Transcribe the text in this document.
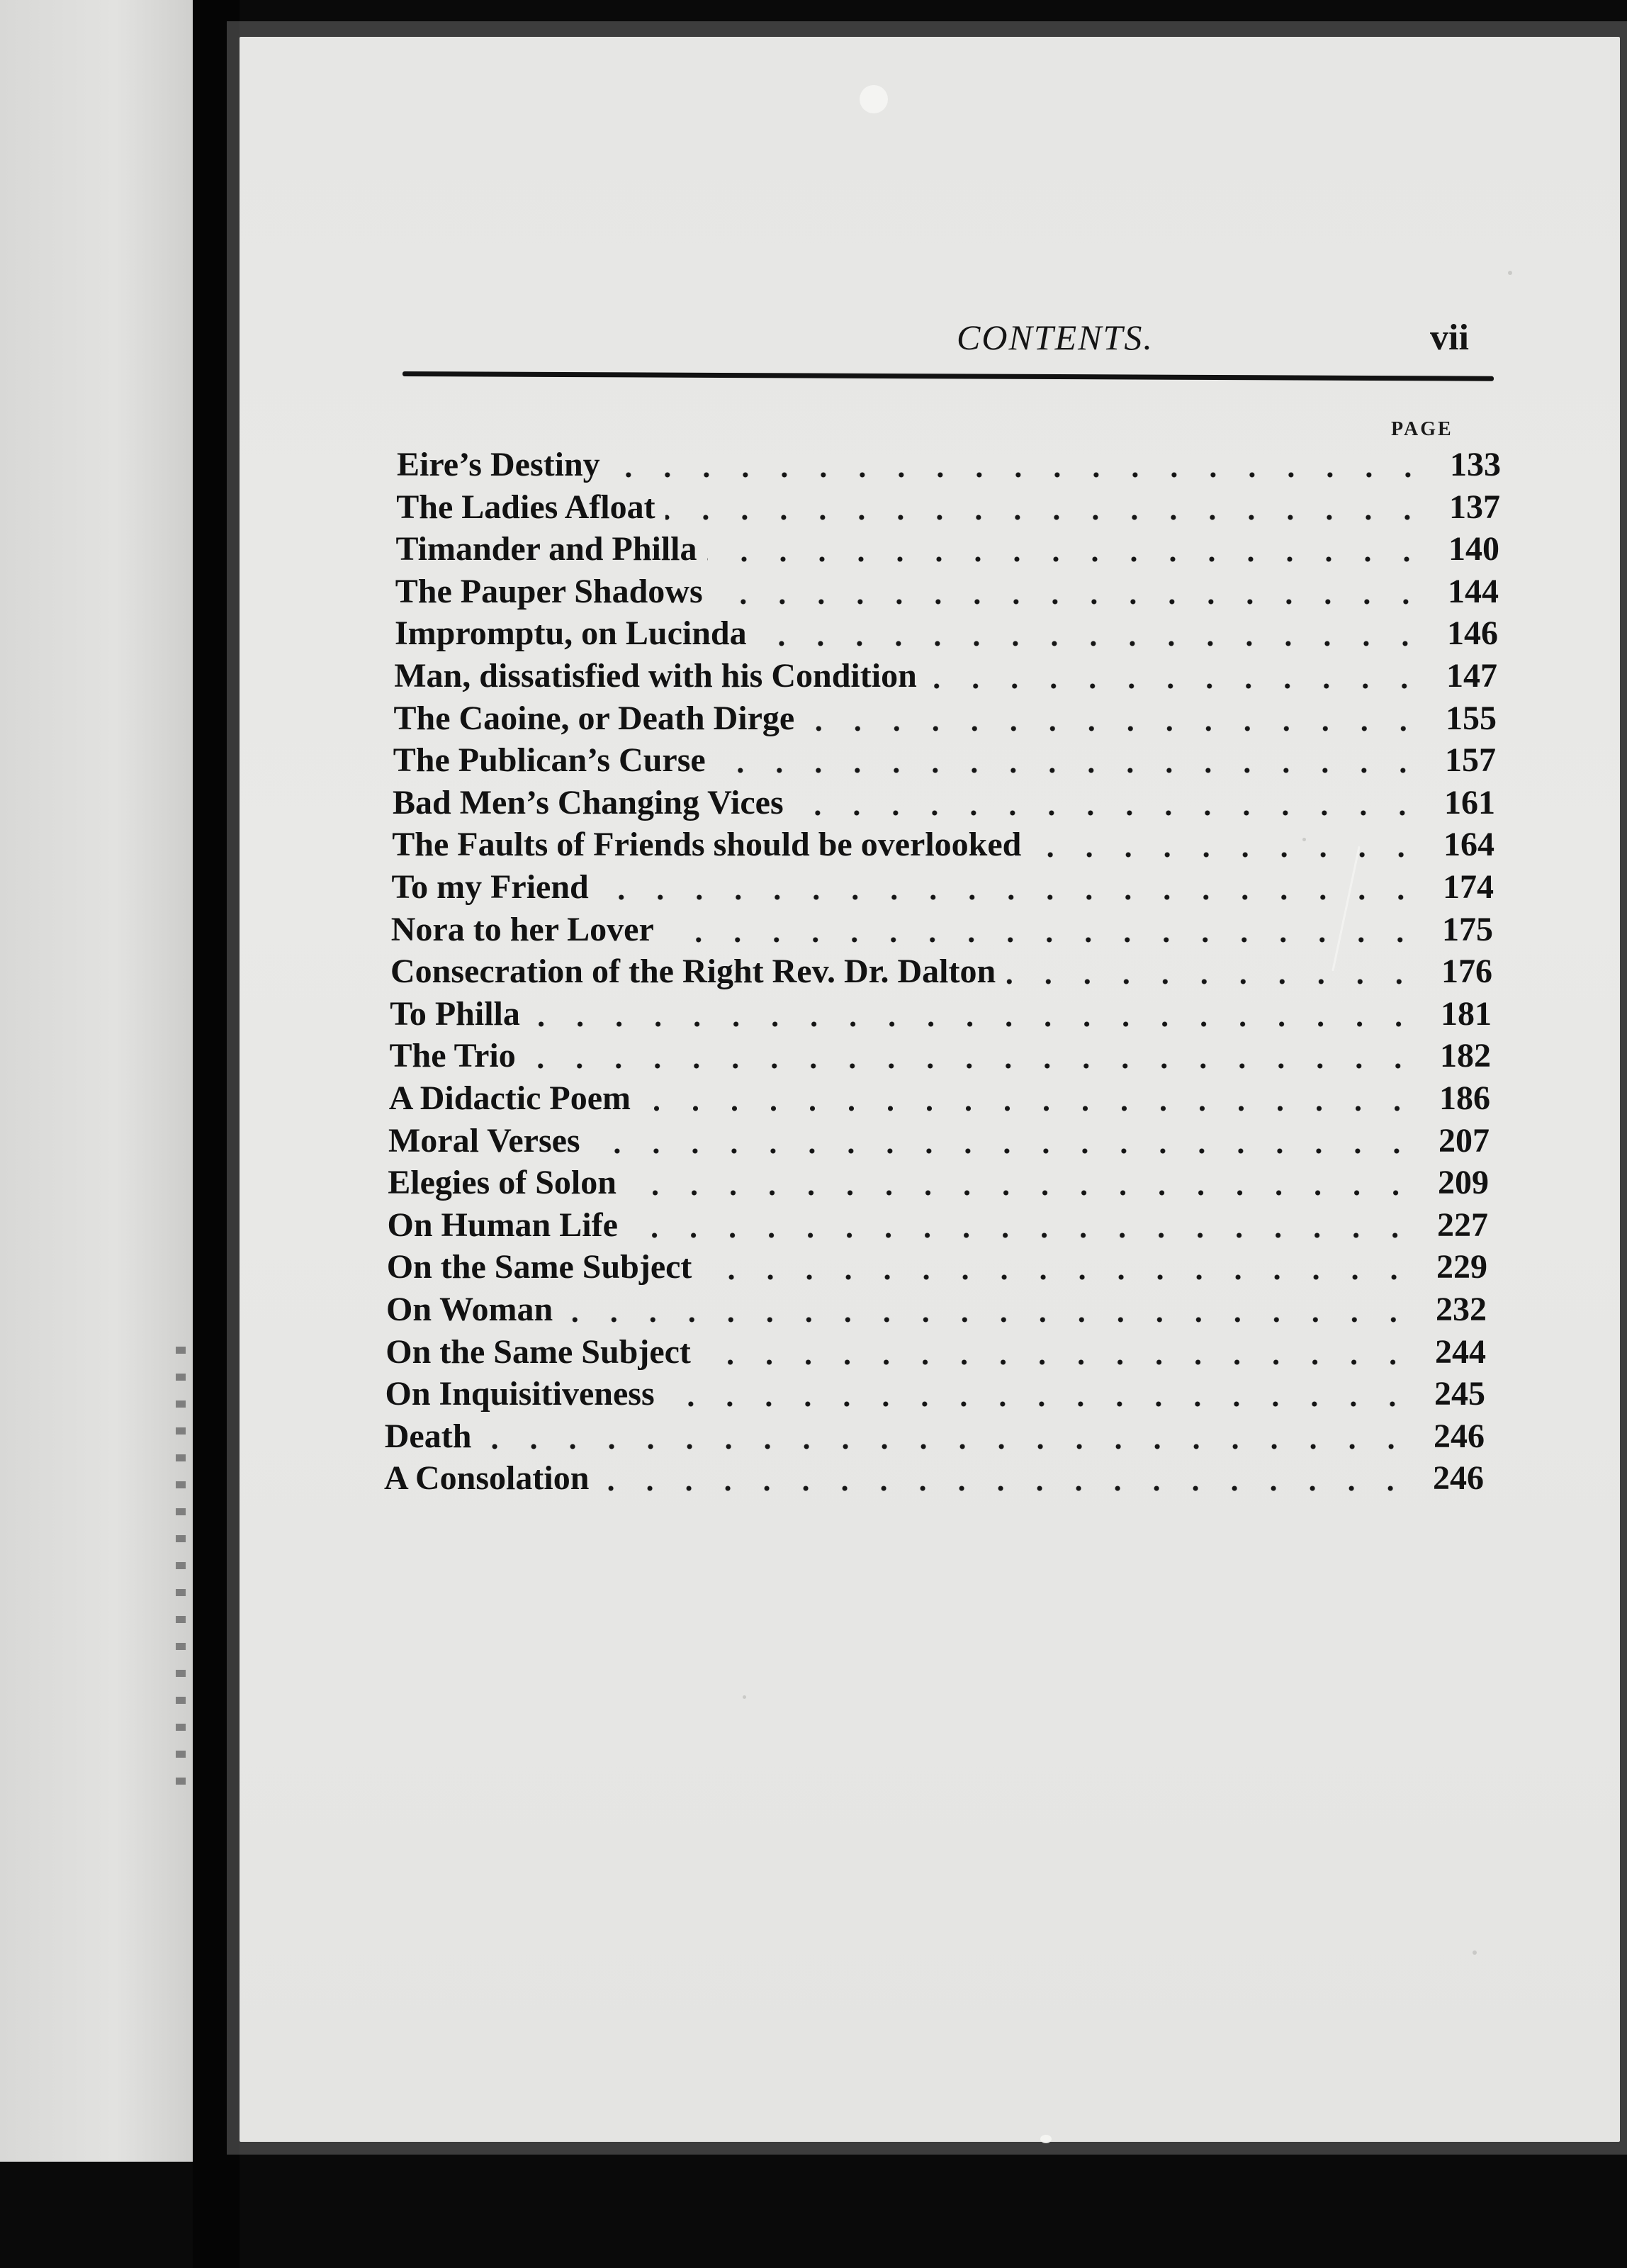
CONTENTS.	vii
PAGE
Eire’s Destiny	133
The Ladies Afloat	137
Timander and Philla	140
The Pauper Shadows	144
Impromptu, on Lucinda	146
Man, dissatisfied with his Condition	147
The Caoine, or Death Dirge	155
The Publican’s Curse	157
Bad Men’s Changing Vices	161
The Faults of Friends should be overlooked	164
To my Friend	174
Nora to her Lover	175
Consecration of the Right Rev. Dr. Dalton	176
To Philla	181
The Trio	182
A Didactic Poem	186
Moral Verses	207
Elegies of Solon	209
On Human Life	227
On the Same Subject	229
On Woman	232
On the Same Subject	244
On Inquisitiveness	245
Death	246
A Consolation	246
